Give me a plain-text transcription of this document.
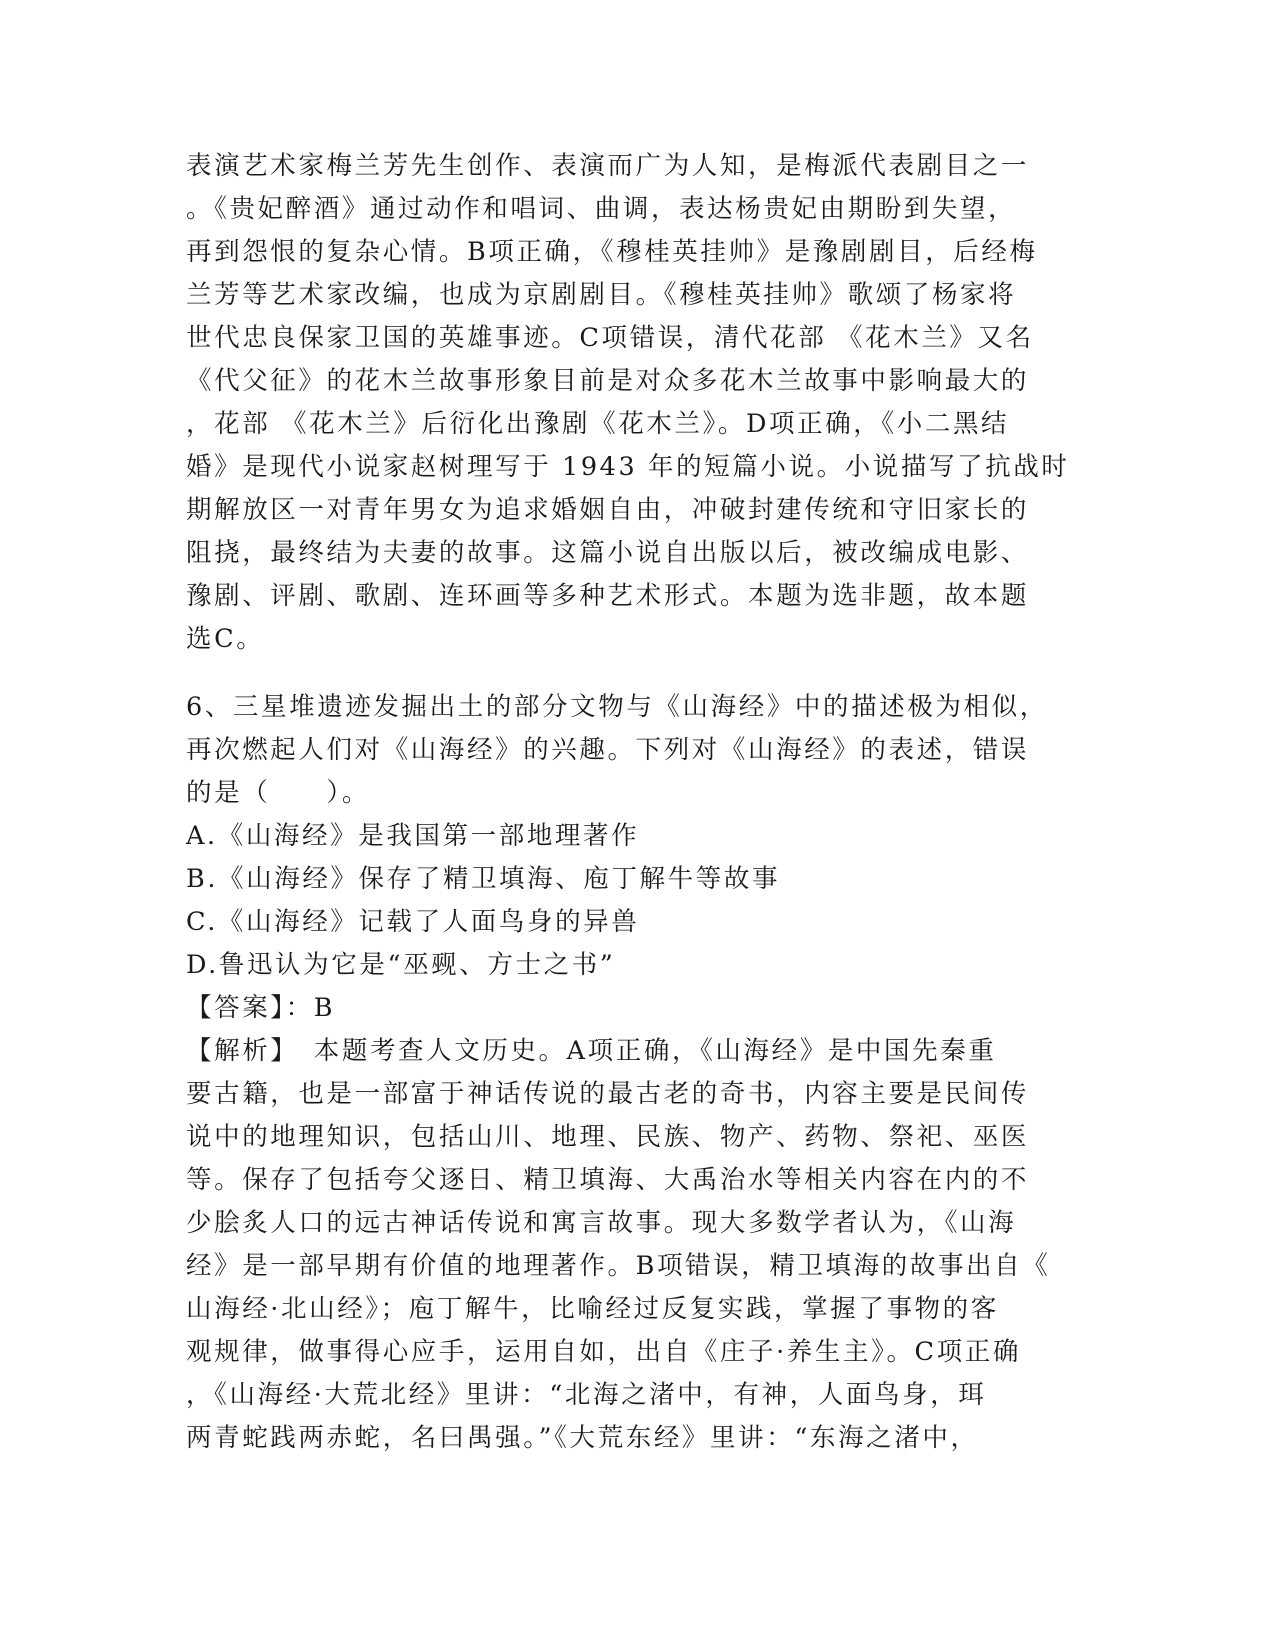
表演艺术家梅兰芳先生创作、表演而广为人知，是梅派代表剧目之一
。《贵妃醉酒》通过动作和唱词、曲调，表达杨贵妃由期盼到失望，
再到怨恨的复杂心情。B项正确，《穆桂英挂帅》是豫剧剧目，后经梅
兰芳等艺术家改编，也成为京剧剧目。《穆桂英挂帅》歌颂了杨家将
世代忠良保家卫国的英雄事迹。C项错误，清代花部 《花木兰》又名
《代父征》的花木兰故事形象目前是对众多花木兰故事中影响最大的
，花部 《花木兰》后衍化出豫剧《花木兰》。D项正确，《小二黑结
婚》是现代小说家赵树理写于 1943 年的短篇小说。小说描写了抗战时
期解放区一对青年男女为追求婚姻自由，冲破封建传统和守旧家长的
阻挠，最终结为夫妻的故事。这篇小说自出版以后，被改编成电影、
豫剧、评剧、歌剧、连环画等多种艺术形式。本题为选非题，故本题
选C。
6、三星堆遗迹发掘出土的部分文物与《山海经》中的描述极为相似，
再次燃起人们对《山海经》的兴趣。下列对《山海经》的表述，错误
的是（　　）。
A.《山海经》是我国第一部地理著作
B.《山海经》保存了精卫填海、庖丁解牛等故事
C.《山海经》记载了人面鸟身的异兽
D.鲁迅认为它是“巫觋、方士之书”
【答案】：B
【解析】　本题考查人文历史。A项正确，《山海经》是中国先秦重
要古籍，也是一部富于神话传说的最古老的奇书，内容主要是民间传
说中的地理知识，包括山川、地理、民族、物产、药物、祭祀、巫医
等。保存了包括夸父逐日、精卫填海、大禹治水等相关内容在内的不
少脍炙人口的远古神话传说和寓言故事。现大多数学者认为，《山海
经》是一部早期有价值的地理著作。B项错误，精卫填海的故事出自《
山海经·北山经》；庖丁解牛，比喻经过反复实践，掌握了事物的客
观规律，做事得心应手，运用自如，出自《庄子·养生主》。C项正确
，《山海经·大荒北经》里讲：“北海之渚中，有神，人面鸟身，珥
两青蛇践两赤蛇，名曰禺强。”《大荒东经》里讲：“东海之渚中，
